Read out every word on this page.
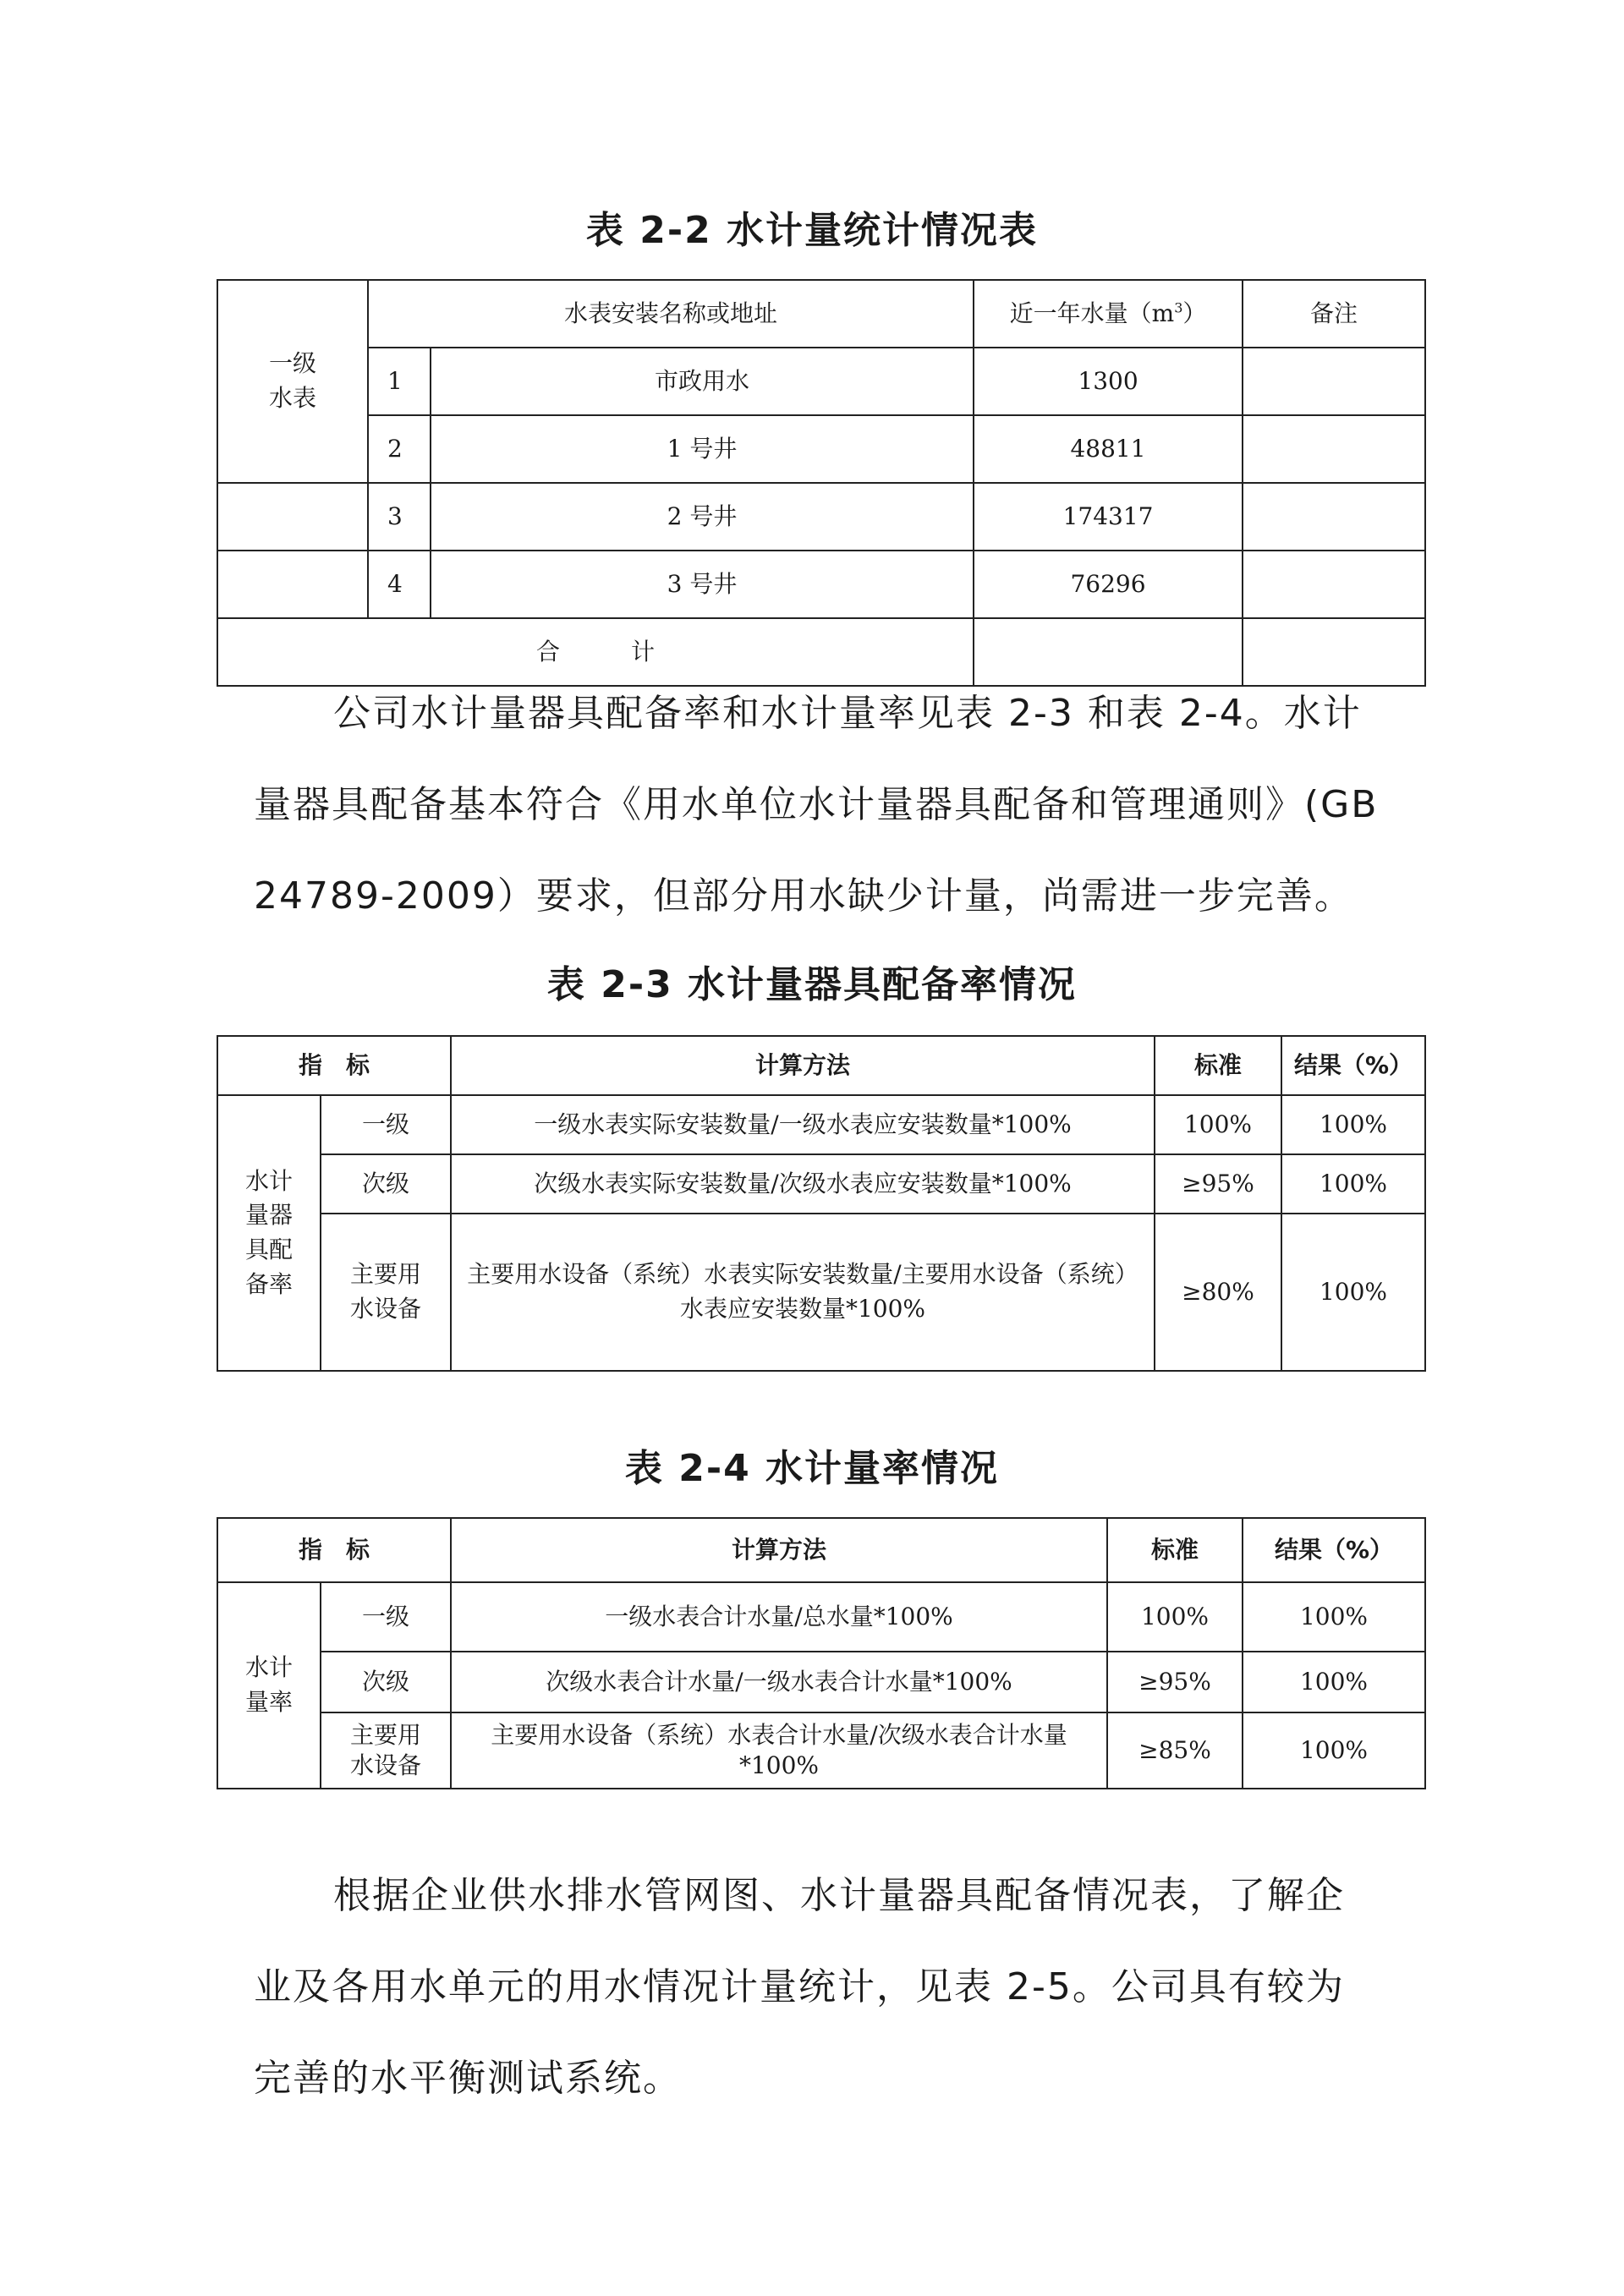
表 2-2 水计量统计情况表
一级
水表	水表安装名称或地址		近一年水量$(m^3)$	备注
	1	市政用水	1300	
	2	1 号井	48811	
	3	2 号井	174317	
	4	3 号井	76296	
合　　　计				
公司水计量器具配备率和水计量率见表 2-3 和表 2-4。水计
量器具配备基本符合《用水单位水计量器具配备和管理通则》(GB
24789-2009）要求，但部分用水缺少计量，尚需进一步完善。
表 2-3 水计量器具配备率情况
指　标		计算方法	标准	结果（%）
水计
量器
具配
备率	一级	一级水表实际安装数量/一级水表应安装数量*100%	100%	100%
	次级	次级水表实际安装数量/次级水表应安装数量*100%	≥95%	100%
	主要用
水设备	主要用水设备（系统）水表实际安装数量/主要用水设备（系统）水表应安装数量*100%	≥80%	100%
表 2-4 水计量率情况
指　标		计算方法	标准	结果（%）
水计
量率	一级	一级水表合计水量/总水量*100%	100%	100%
	次级	次级水表合计水量/一级水表合计水量*100%	≥95%	100%
	主要用
水设备	主要用水设备（系统）水表合计水量/次级水表合计水量*100%	≥85%	100%
根据企业供水排水管网图、水计量器具配备情况表，了解企
业及各用水单元的用水情况计量统计，见表 2-5。公司具有较为
完善的水平衡测试系统。
